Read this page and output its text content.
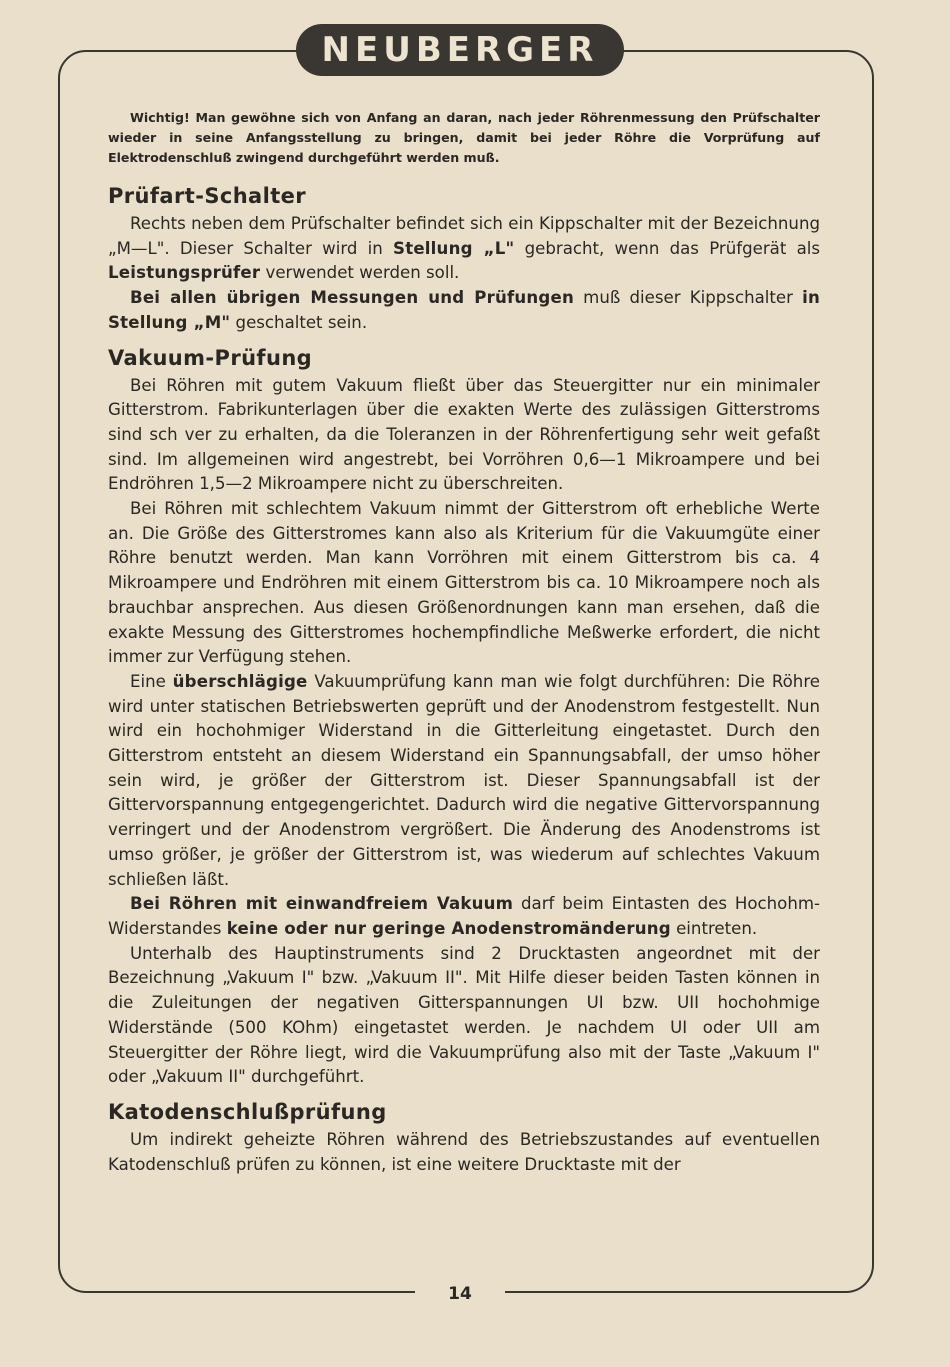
NEUBERGER

Wichtig! Man gewöhne sich von Anfang an daran, nach jeder Röhrenmessung den Prüfschalter wieder in seine Anfangsstellung zu bringen, damit bei jeder Röhre die Vorprüfung auf Elektrodenschluß zwingend durchgeführt werden muß.

Prüfart-Schalter

Rechts neben dem Prüfschalter befindet sich ein Kippschalter mit der Bezeichnung „M—L". Dieser Schalter wird in Stellung „L" gebracht, wenn das Prüfgerät als Leistungsprüfer verwendet werden soll.

Bei allen übrigen Messungen und Prüfungen muß dieser Kippschalter in Stellung „M" geschaltet sein.

Vakuum-Prüfung

Bei Röhren mit gutem Vakuum fließt über das Steuergitter nur ein minimaler Gitterstrom. Fabrikunterlagen über die exakten Werte des zulässigen Gitterstroms sind sch ver zu erhalten, da die Toleranzen in der Röhrenfertigung sehr weit gefaßt sind. Im allgemeinen wird angestrebt, bei Vorröhren 0,6—1 Mikroampere und bei Endröhren 1,5—2 Mikroampere nicht zu überschreiten.

Bei Röhren mit schlechtem Vakuum nimmt der Gitterstrom oft erhebliche Werte an. Die Größe des Gitterstromes kann also als Kriterium für die Vakuumgüte einer Röhre benutzt werden. Man kann Vorröhren mit einem Gitterstrom bis ca. 4 Mikroampere und Endröhren mit einem Gitterstrom bis ca. 10 Mikroampere noch als brauchbar ansprechen. Aus diesen Größenordnungen kann man ersehen, daß die exakte Messung des Gitterstromes hochempfindliche Meßwerke erfordert, die nicht immer zur Verfügung stehen.

Eine überschlägige Vakuumprüfung kann man wie folgt durchführen: Die Röhre wird unter statischen Betriebswerten geprüft und der Anodenstrom festgestellt. Nun wird ein hochohmiger Widerstand in die Gitterleitung eingetastet. Durch den Gitterstrom entsteht an diesem Widerstand ein Spannungsabfall, der umso höher sein wird, je größer der Gitterstrom ist. Dieser Spannungsabfall ist der Gittervorspannung entgegengerichtet. Dadurch wird die negative Gittervorspannung verringert und der Anodenstrom vergrößert. Die Änderung des Anodenstroms ist umso größer, je größer der Gitterstrom ist, was wiederum auf schlechtes Vakuum schließen läßt.

Bei Röhren mit einwandfreiem Vakuum darf beim Eintasten des Hochohm-Widerstandes keine oder nur geringe Anodenstromänderung eintreten.

Unterhalb des Hauptinstruments sind 2 Drucktasten angeordnet mit der Bezeichnung „Vakuum I" bzw. „Vakuum II". Mit Hilfe dieser beiden Tasten können in die Zuleitungen der negativen Gitterspannungen UI bzw. UII hochohmige Widerstände (500 KOhm) eingetastet werden. Je nachdem UI oder UII am Steuergitter der Röhre liegt, wird die Vakuumprüfung also mit der Taste „Vakuum I" oder „Vakuum II" durchgeführt.

Katodenschlußprüfung

Um indirekt geheizte Röhren während des Betriebszustandes auf eventuellen Katodenschluß prüfen zu können, ist eine weitere Drucktaste mit der

14
